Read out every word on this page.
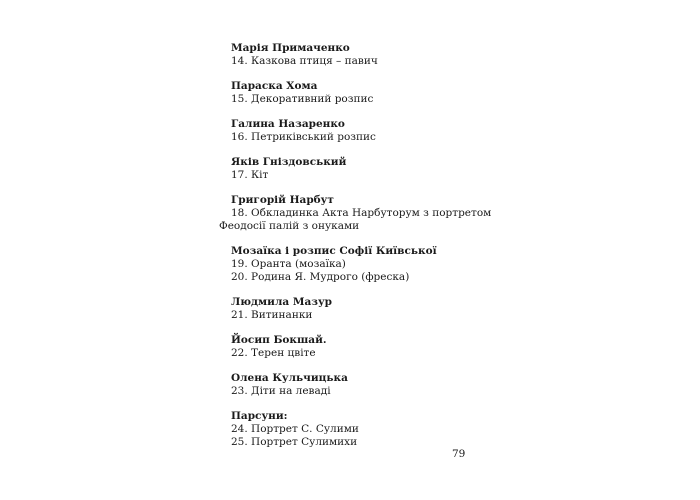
Марія Примаченко
14. Казкова птиця – павич
Параска Хома
15. Декоративний розпис
Галина Назаренко
16. Петриківський розпис
Яків Гніздовський
17. Кіт
Григорій Нарбут
18. Обкладинка Акта Нарбуторум з портретом
Феодосії палій з онуками
Мозаїка і розпис Софії Київської
19. Оранта (мозаїка)
20. Родина Я. Мудрого (фреска)
Людмила Мазур
21. Витинанки
Йосип Бокшай.
22. Терен цвіте
Олена Кульчицька
23. Діти на леваді
Парсуни:
24. Портрет С. Сулими
25. Портрет Сулимихи
79
